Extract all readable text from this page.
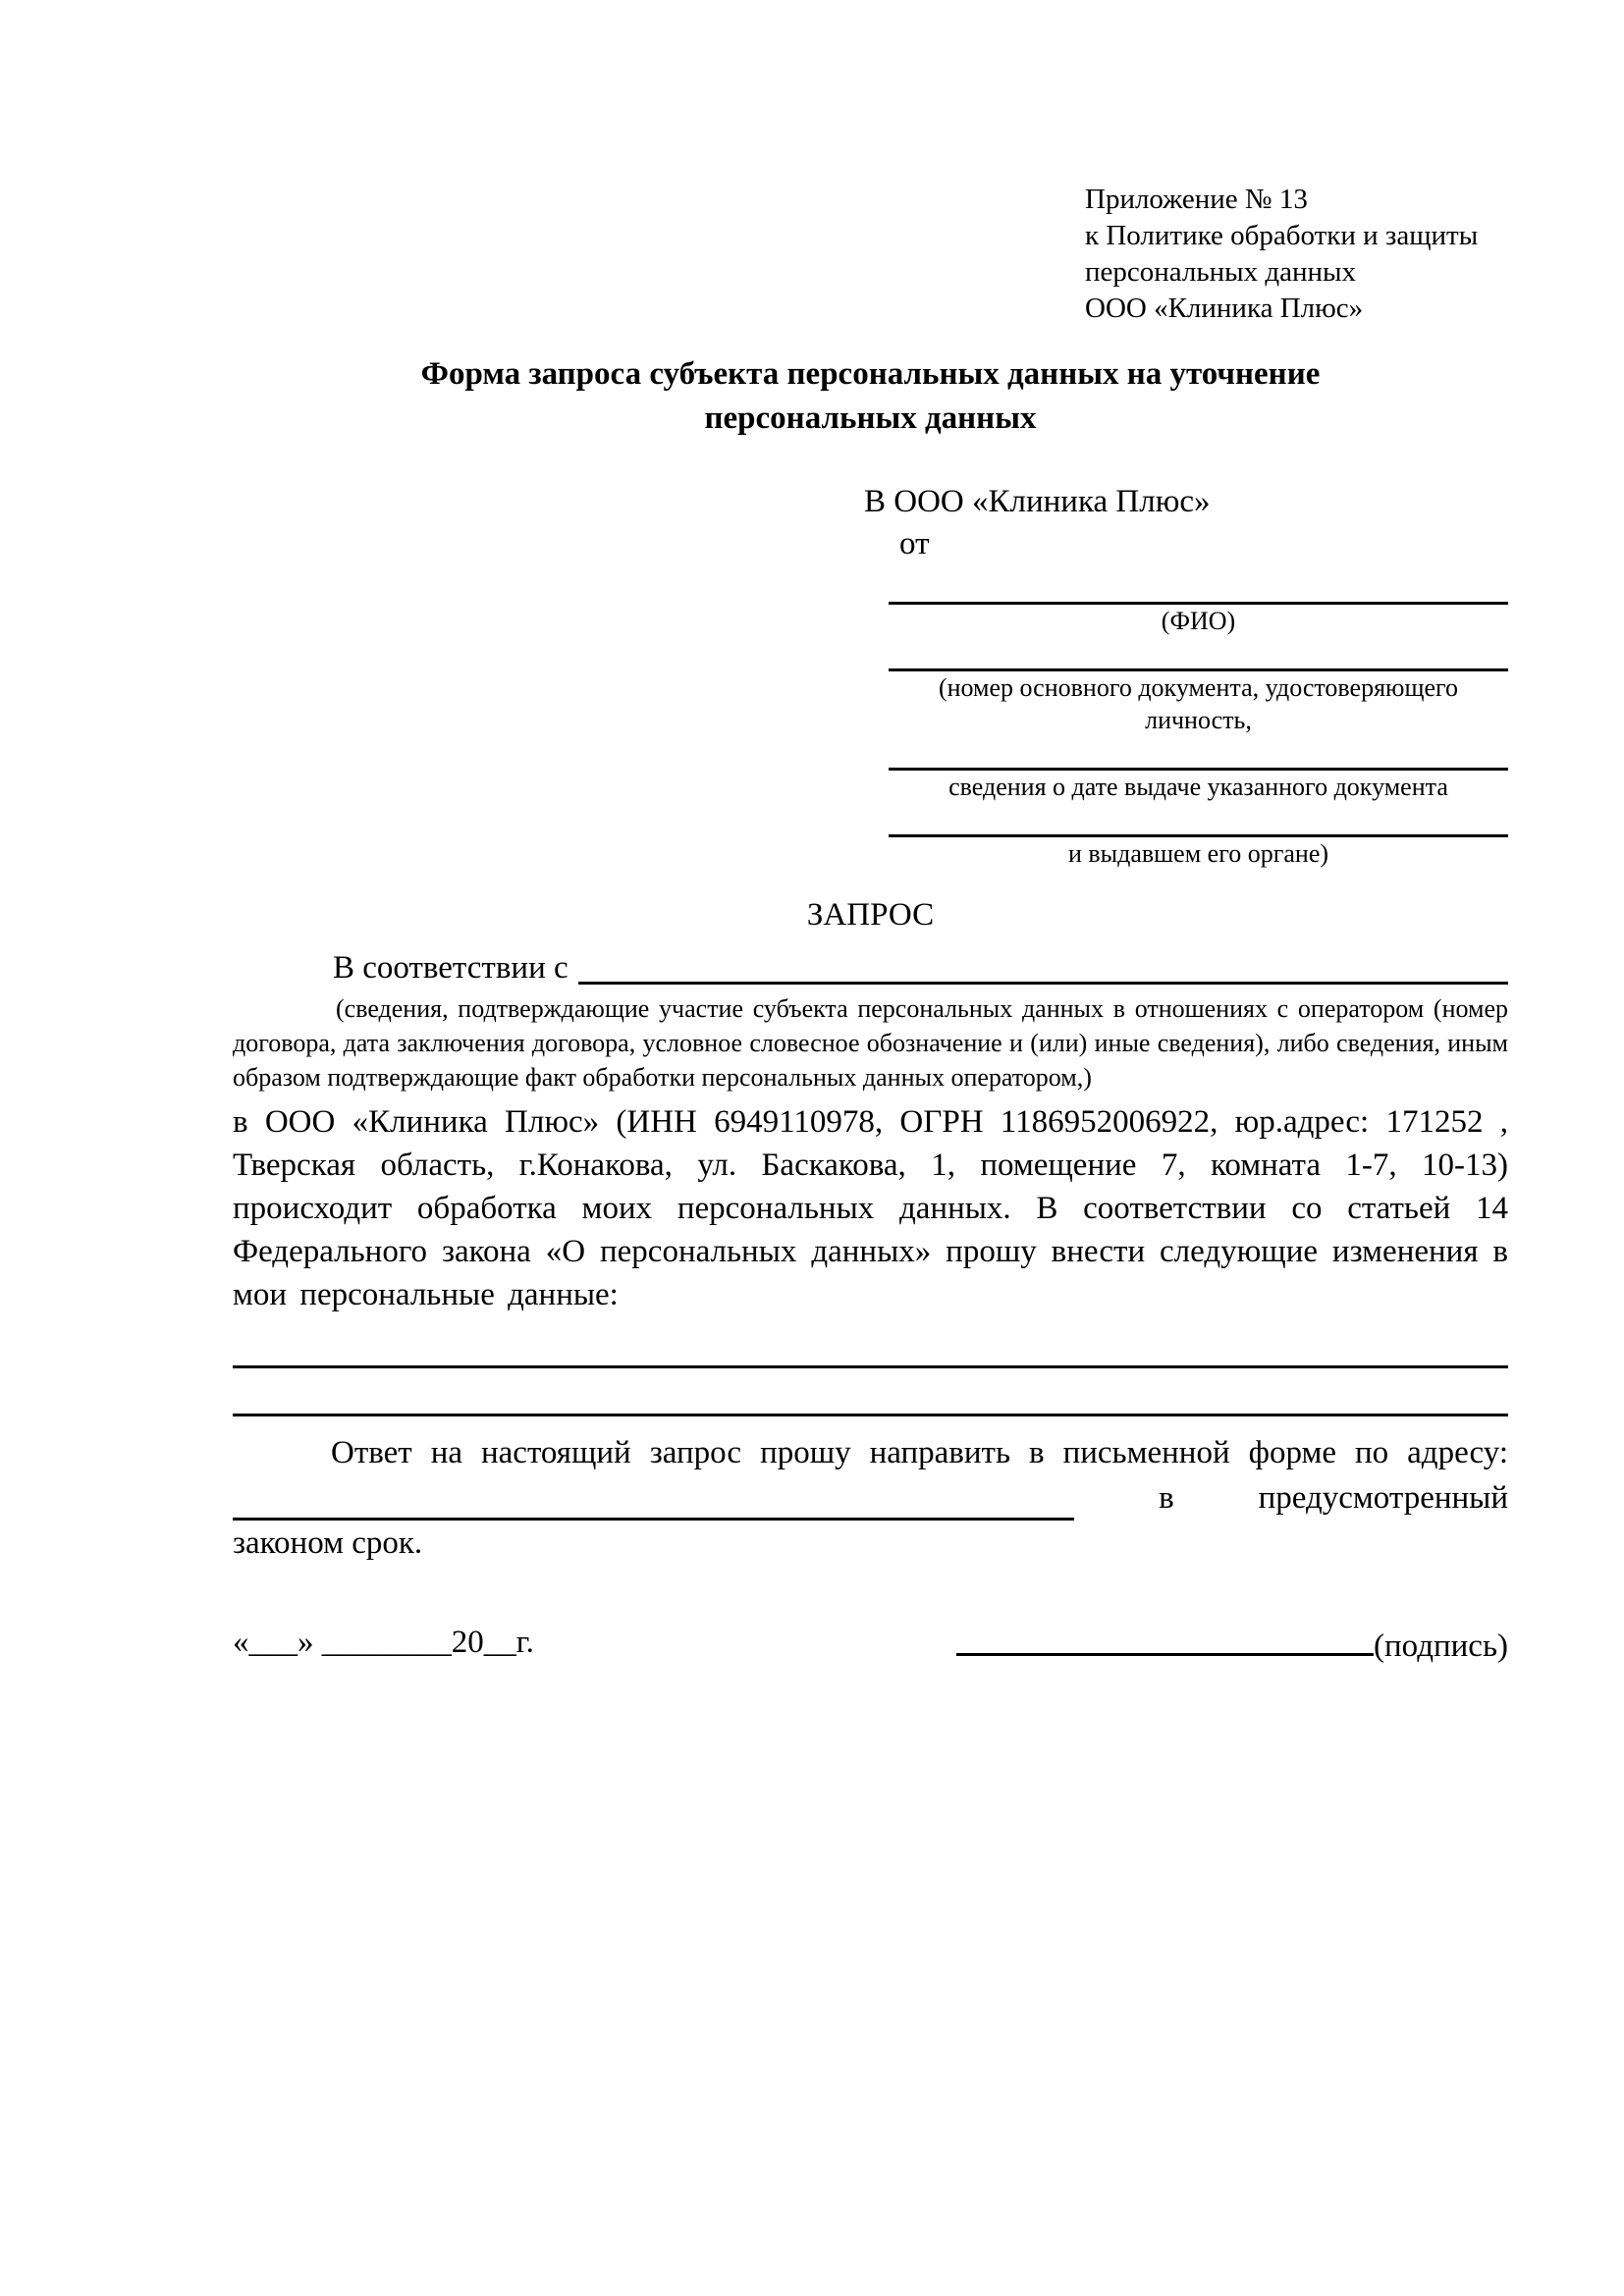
Приложение № 13
к Политике обработки и защиты
персональных данных
ООО «Клиника Плюс»
Форма запроса субъекта персональных данных на уточнение
персональных данных
В ООО «Клиника Плюс»
от
(ФИО)
(номер основного документа, удостоверяющего личность,
сведения о дате выдаче указанного документа
и выдавшем его органе)
ЗАПРОС
В соответствии с
(сведения, подтверждающие участие субъекта персональных данных в отношениях с оператором (номер договора, дата заключения договора, условное словесное обозначение и (или) иные сведения), либо сведения, иным образом подтверждающие факт обработки персональных данных оператором,)

в ООО «Клиника Плюс» (ИНН 6949110978, ОГРН 1186952006922, юр.адрес: 171252 , Тверская область, г.Конакова, ул. Баскакова, 1, помещение 7, комната 1-7, 10-13) происходит обработка моих персональных данных. В соответствии со статьей 14 Федерального закона «О персональных данных» прошу внести следующие изменения в мои персональные данные:

Ответ на настоящий запрос прошу направить в письменной форме по адресу:
в	предусмотренный
законом срок.
«___» ________20__г.	(подпись)
